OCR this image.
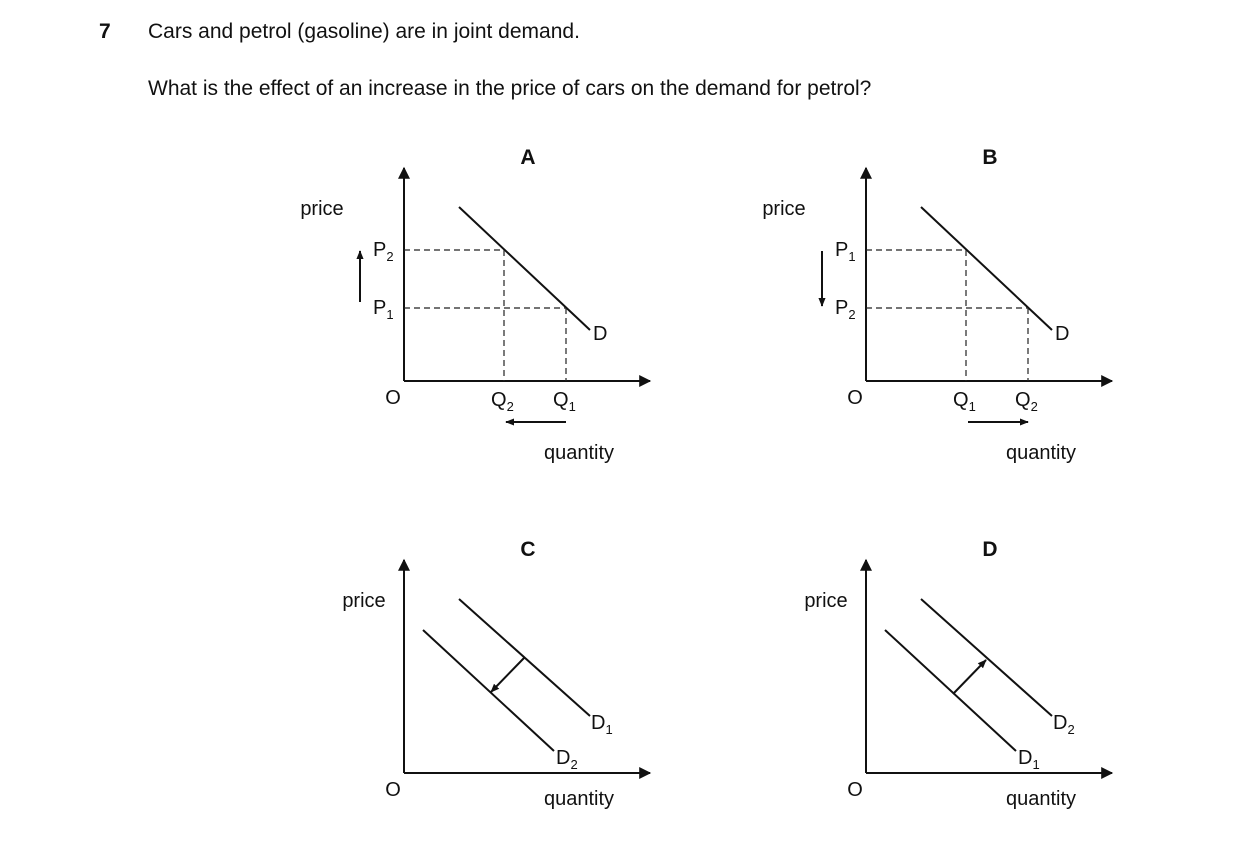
7 Cars and petrol (gasoline) are in joint demand.
What is the effect of an increase in the price of cars on the demand for petrol?
A
price
quantity
O
D
$P_2$
$P_1$
$Q_2$ $Q_1$
B
price
quantity
O
D
$P_1$
$P_2$
$Q_1$ $Q_2$
C
price
quantity
O
$D_1$
$D_2$
D
price
quantity
O
$D_2$
$D_1$
